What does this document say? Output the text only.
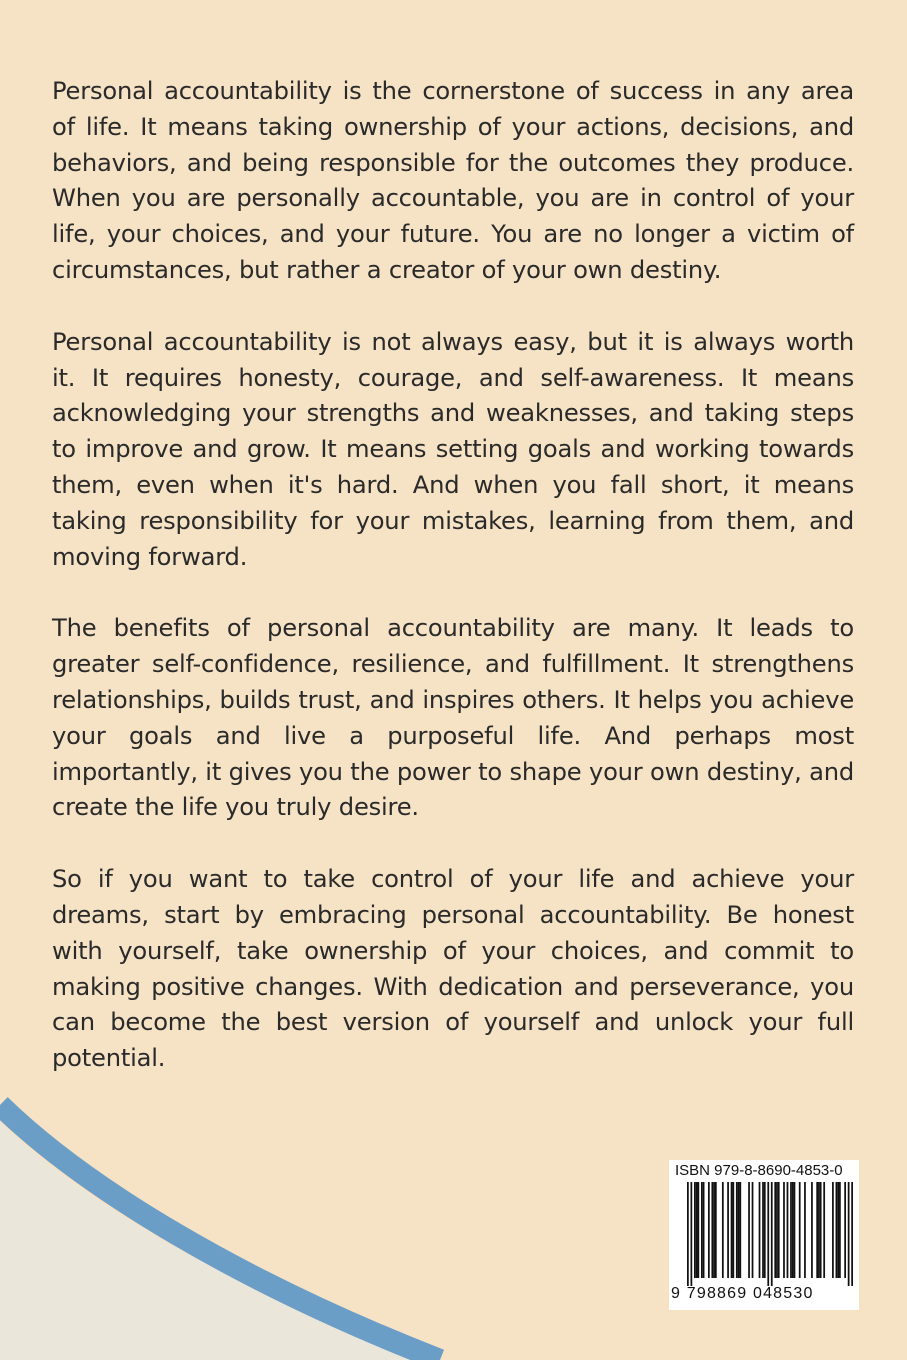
Personal accountability is the cornerstone of success in any area of life. It means taking ownership of your actions, decisions, and behaviors, and being responsible for the outcomes they produce. When you are personally accountable, you are in control of your life, your choices, and your future. You are no longer a victim of circumstances, but rather a creator of your own destiny.

Personal accountability is not always easy, but it is always worth it. It requires honesty, courage, and self-awareness. It means acknowledging your strengths and weaknesses, and taking steps to improve and grow. It means setting goals and working towards them, even when it's hard. And when you fall short, it means taking responsibility for your mistakes, learning from them, and moving forward.

The benefits of personal accountability are many. It leads to greater self-confidence, resilience, and fulfillment. It strengthens relationships, builds trust, and inspires others. It helps you achieve your goals and live a purposeful life. And perhaps most importantly, it gives you the power to shape your own destiny, and create the life you truly desire.

So if you want to take control of your life and achieve your dreams, start by embracing personal accountability. Be honest with yourself, take ownership of your choices, and commit to making positive changes. With dedication and perseverance, you can become the best version of yourself and unlock your full potential.

ISBN 979-8-8690-4853-0
9 798869 048530
